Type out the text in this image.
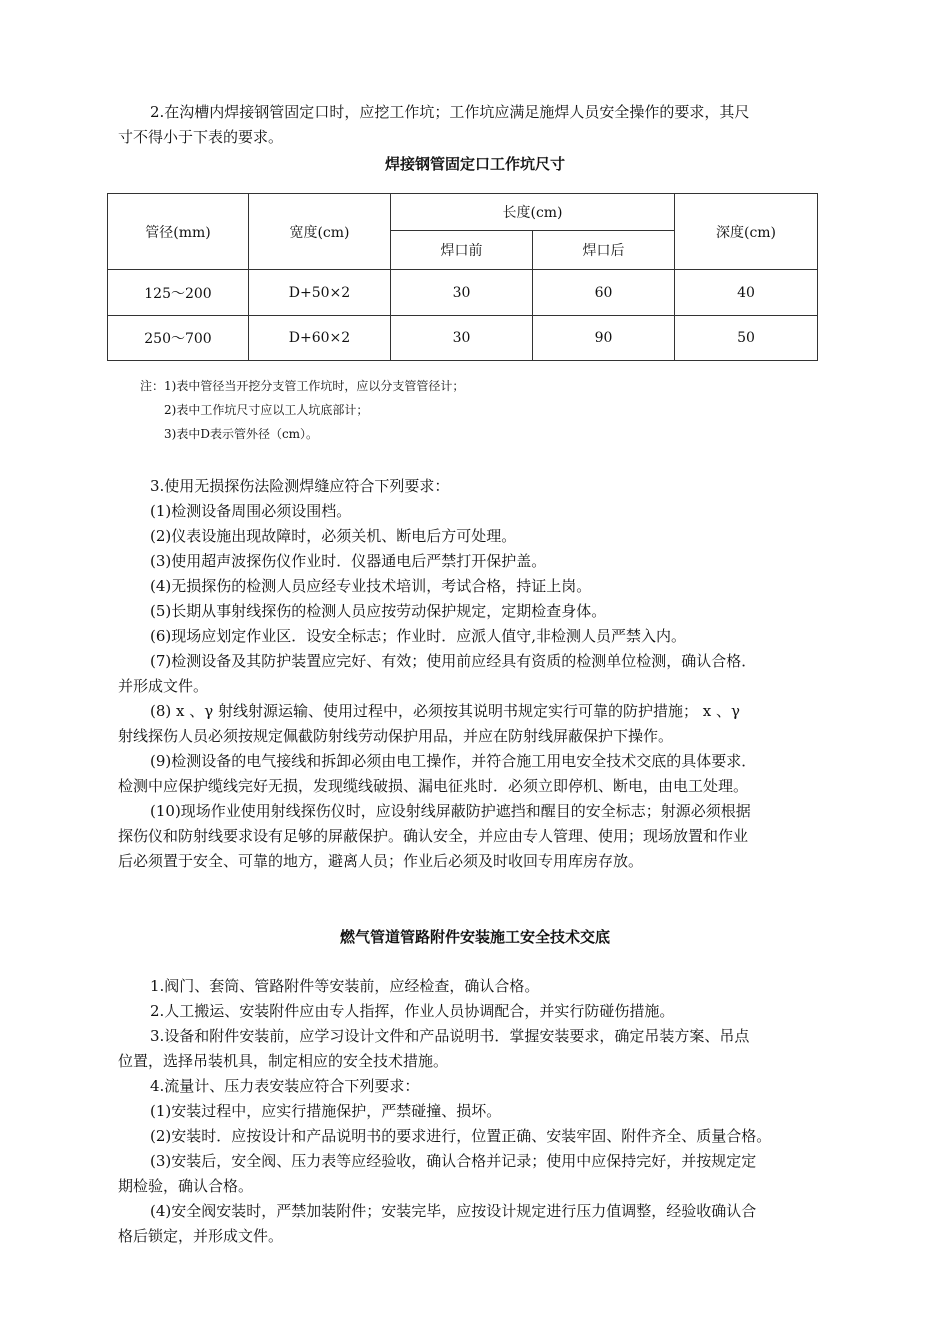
2.在沟槽内焊接钢管固定口时，应挖工作坑；工作坑应满足施焊人员安全操作的要求，其尺
寸不得小于下表的要求。
焊接钢管固定口工作坑尺寸
管径(mm)	宽度(cm)	长度(cm)		深度(cm)
		焊口前	焊口后	
125～200	D+50×2	30	60	40
250～700	D+60×2	30	90	50
注：1)表中管径当开挖分支管工作坑时，应以分支管管径计；
2)表中工作坑尺寸应以工人坑底部计；
3)表中D表示管外径（cm）。
3.使用无损探伤法险测焊缝应符合下列要求：
(1)检测设备周围必须设围档。
(2)仪表设施出现故障时，必须关机、断电后方可处理。
(3)使用超声波探伤仪作业时．仪器通电后严禁打开保护盖。
(4)无损探伤的检测人员应经专业技术培训，考试合格，持证上岗。
(5)长期从事射线探伤的检测人员应按劳动保护规定，定期检查身体。
(6)现场应划定作业区．设安全标志；作业时．应派人值守,非检测人员严禁入内。
(7)检测设备及其防护装置应完好、有效；使用前应经具有资质的检测单位检测，确认合格．
并形成文件。
(8) x 、γ 射线射源运输、使用过程中，必须按其说明书规定实行可靠的防护措施； x 、γ
射线探伤人员必须按规定佩截防射线劳动保护用品，并应在防射线屏蔽保护下操作。
(9)检测设备的电气接线和拆卸必须由电工操作，并符合施工用电安全技术交底的具体要求．
检测中应保护缆线完好无损，发现缆线破损、漏电征兆时．必须立即停机、断电，由电工处理。
(10)现场作业使用射线探伤仪时，应设射线屏蔽防护遮挡和醒目的安全标志；射源必须根据
探伤仪和防射线要求设有足够的屏蔽保护。确认安全，并应由专人管理、使用；现场放置和作业
后必须置于安全、可靠的地方，避离人员；作业后必须及时收回专用库房存放。
燃气管道管路附件安装施工安全技术交底
1.阀门、套筒、管路附件等安装前，应经检查，确认合格。
2.人工搬运、安装附件应由专人指挥，作业人员协调配合，并实行防碰伤措施。
3.设备和附件安装前，应学习设计文件和产品说明书．掌握安装要求，确定吊装方案、吊点
位置，选择吊装机具，制定相应的安全技术措施。
4.流量计、压力表安装应符合下列要求：
(1)安装过程中，应实行措施保护，严禁碰撞、损坏。
(2)安装时．应按设计和产品说明书的要求进行，位置正确、安装牢固、附件齐全、质量合格。
(3)安装后，安全阀、压力表等应经验收，确认合格并记录；使用中应保持完好，并按规定定
期检验，确认合格。
(4)安全阀安装时，严禁加装附件；安装完毕，应按设计规定进行压力值调整，经验收确认合
格后锁定，并形成文件。
